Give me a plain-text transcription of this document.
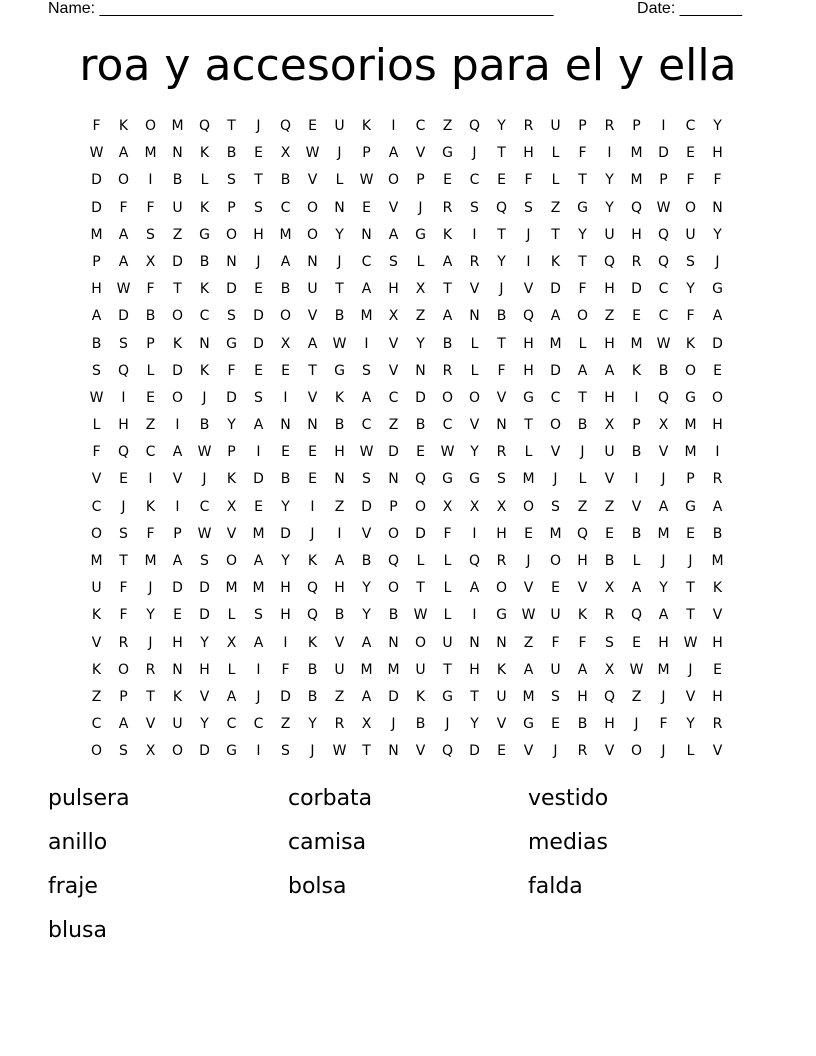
Name: ___________________________________________________	Date: _______
roa y accesorios para el y ella
F	K	O	M	Q	T	J	Q	E	U	K	I	C	Z	Q	Y	R	U	P	R	P	I	C	Y
W	A	M	N	K	B	E	X	W	J	P	A	V	G	J	T	H	L	F	I	M	D	E	H
D	O	I	B	L	S	T	B	V	L	W	O	P	E	C	E	F	L	T	Y	M	P	F	F
D	F	F	U	K	P	S	C	O	N	E	V	J	R	S	Q	S	Z	G	Y	Q	W	O	N
M	A	S	Z	G	O	H	M	O	Y	N	A	G	K	I	T	J	T	Y	U	H	Q	U	Y
P	A	X	D	B	N	J	A	N	J	C	S	L	A	R	Y	I	K	T	Q	R	Q	S	J
H	W	F	T	K	D	E	B	U	T	A	H	X	T	V	J	V	D	F	H	D	C	Y	G
A	D	B	O	C	S	D	O	V	B	M	X	Z	A	N	B	Q	A	O	Z	E	C	F	A
B	S	P	K	N	G	D	X	A	W	I	V	Y	B	L	T	H	M	L	H	M	W	K	D
S	Q	L	D	K	F	E	E	T	G	S	V	N	R	L	F	H	D	A	A	K	B	O	E
W	I	E	O	J	D	S	I	V	K	A	C	D	O	O	V	G	C	T	H	I	Q	G	O
L	H	Z	I	B	Y	A	N	N	B	C	Z	B	C	V	N	T	O	B	X	P	X	M	H
F	Q	C	A	W	P	I	E	E	H	W	D	E	W	Y	R	L	V	J	U	B	V	M	I
V	E	I	V	J	K	D	B	E	N	S	N	Q	G	G	S	M	J	L	V	I	J	P	R
C	J	K	I	C	X	E	Y	I	Z	D	P	O	X	X	X	O	S	Z	Z	V	A	G	A
O	S	F	P	W	V	M	D	J	I	V	O	D	F	I	H	E	M	Q	E	B	M	E	B
M	T	M	A	S	O	A	Y	K	A	B	Q	L	L	Q	R	J	O	H	B	L	J	J	M
U	F	J	D	D	M	M	H	Q	H	Y	O	T	L	A	O	V	E	V	X	A	Y	T	K
K	F	Y	E	D	L	S	H	Q	B	Y	B	W	L	I	G	W	U	K	R	Q	A	T	V
V	R	J	H	Y	X	A	I	K	V	A	N	O	U	N	N	Z	F	F	S	E	H	W	H
K	O	R	N	H	L	I	F	B	U	M	M	U	T	H	K	A	U	A	X	W	M	J	E
Z	P	T	K	V	A	J	D	B	Z	A	D	K	G	T	U	M	S	H	Q	Z	J	V	H
C	A	V	U	Y	C	C	Z	Y	R	X	J	B	J	Y	V	G	E	B	H	J	F	Y	R
O	S	X	O	D	G	I	S	J	W	T	N	V	Q	D	E	V	J	R	V	O	J	L	V
pulsera	corbata	vestido
anillo	camisa	medias
fraje	bolsa	falda
blusa
